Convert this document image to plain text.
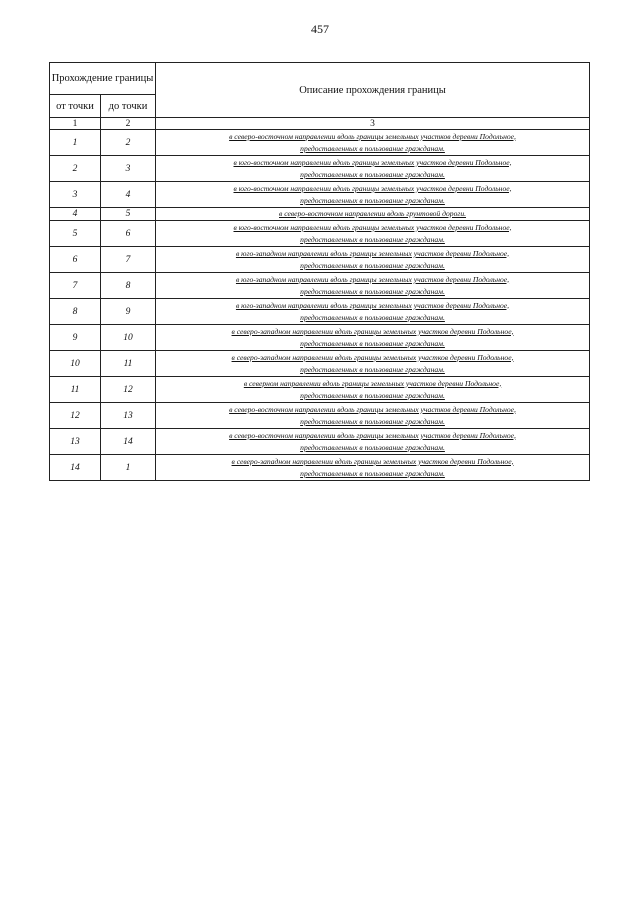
457
Прохождение границы		Описание прохождения границы
от точки	до точки	
1	2	3
1	2	в северо-восточном направлении вдоль границы земельных участков деревни Подольное,
предоставленных в пользование гражданам.

2	3	в юго-восточном направлении вдоль границы земельных участков деревни Подольное,
предоставленных в пользование гражданам.

3	4	в юго-восточном направлении вдоль границы земельных участков деревни Подольное,
предоставленных в пользование гражданам.

4	5	в северо-восточном направлении вдоль грунтовой дороги.

5	6	в юго-восточном направлении вдоль границы земельных участков деревни Подольное,
предоставленных в пользование гражданам.

6	7	в юго-западном направлении вдоль границы земельных участков деревни Подольное,
предоставленных в пользование гражданам.

7	8	в юго-западном направлении вдоль границы земельных участков деревни Подольное,
предоставленных в пользование гражданам.

8	9	в юго-западном направлении вдоль границы земельных участков деревни Подольное,
предоставленных в пользование гражданам.

9	10	в северо-западном направлении вдоль границы земельных участков деревни Подольное,
предоставленных в пользование гражданам.

10	11	в северо-западном направлении вдоль границы земельных участков деревни Подольное,
предоставленных в пользование гражданам.

11	12	в северном направлении вдоль границы земельных участков деревни Подольное,
предоставленных в пользование гражданам.

12	13	в северо-восточном направлении вдоль границы земельных участков деревни Подольное,
предоставленных в пользование гражданам.

13	14	в северо-восточном направлении вдоль границы земельных участков деревни Подольное,
предоставленных в пользование гражданам.

14	1	в северо-западном направлении вдоль границы земельных участков деревни Подольное,
предоставленных в пользование гражданам.
